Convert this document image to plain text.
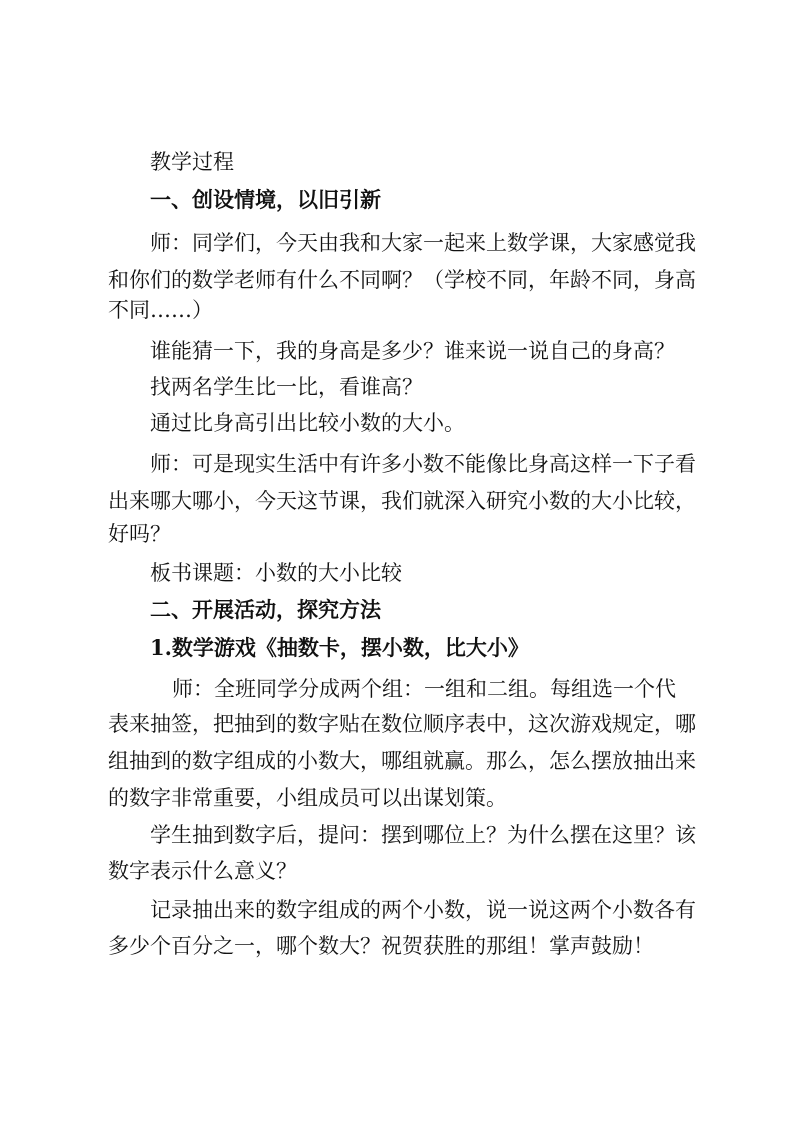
教学过程
一、创设情境，以旧引新
师：同学们，今天由我和大家一起来上数学课，大家感觉我
和你们的数学老师有什么不同啊？（学校不同，年龄不同，身高
不同……）
谁能猜一下，我的身高是多少？谁来说一说自己的身高？
找两名学生比一比，看谁高？
通过比身高引出比较小数的大小。
师：可是现实生活中有许多小数不能像比身高这样一下子看
出来哪大哪小，今天这节课，我们就深入研究小数的大小比较，
好吗？
板书课题：小数的大小比较
二、开展活动，探究方法
1.数学游戏《抽数卡，摆小数，比大小》
师：全班同学分成两个组：一组和二组。每组选一个代
表来抽签，把抽到的数字贴在数位顺序表中，这次游戏规定，哪
组抽到的数字组成的小数大，哪组就赢。那么，怎么摆放抽出来
的数字非常重要，小组成员可以出谋划策。
学生抽到数字后，提问：摆到哪位上？为什么摆在这里？该
数字表示什么意义？
记录抽出来的数字组成的两个小数，说一说这两个小数各有
多少个百分之一，哪个数大？祝贺获胜的那组！掌声鼓励！
